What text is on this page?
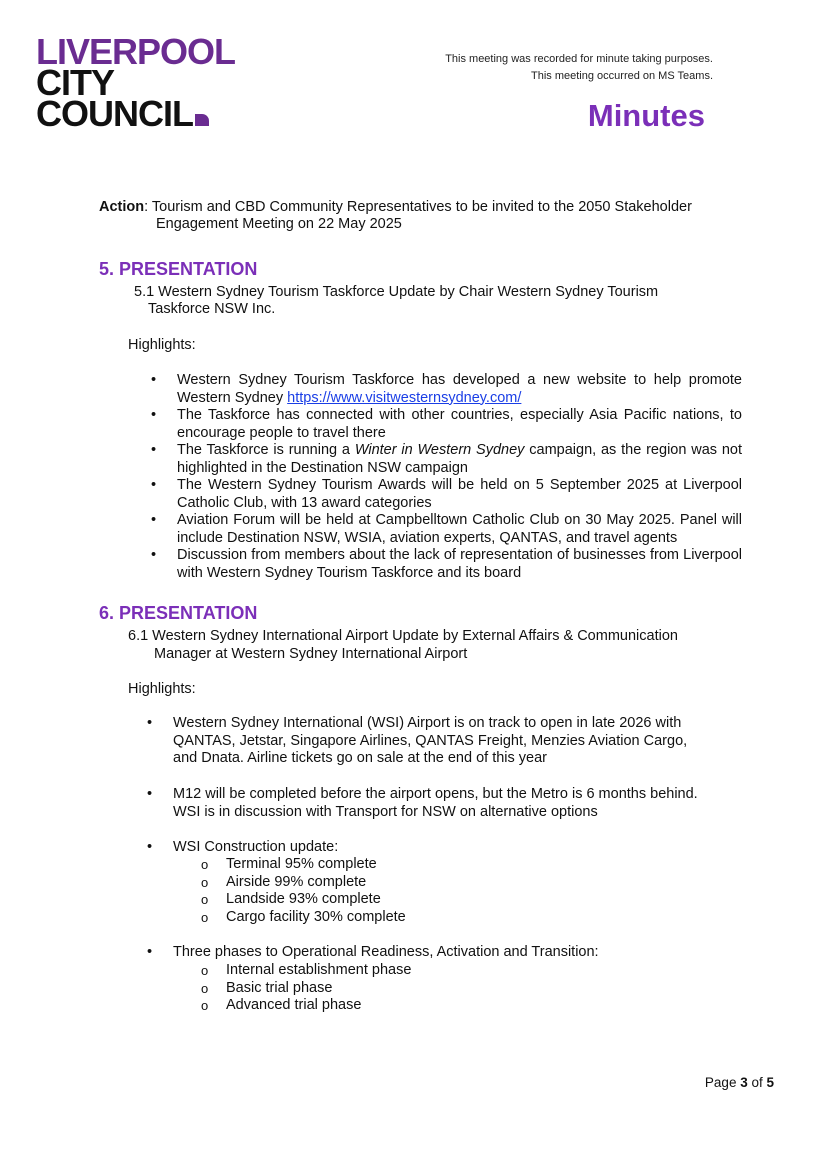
LIVERPOOL
CITY
COUNCIL
This meeting was recorded for minute taking purposes.
This meeting occurred on MS Teams.
Minutes
Action: Tourism and CBD Community Representatives to be invited to the 2050 Stakeholder
Engagement Meeting on 22 May 2025
5. PRESENTATION
5.1 Western Sydney Tourism Taskforce Update by Chair Western Sydney Tourism
Taskforce NSW Inc.
Highlights:
• Western Sydney Tourism Taskforce has developed a new website to help promote Western Sydney https://www.visitwesternsydney.com/
• The Taskforce has connected with other countries, especially Asia Pacific nations, to encourage people to travel there
• The Taskforce is running a Winter in Western Sydney campaign, as the region was not highlighted in the Destination NSW campaign
• The Western Sydney Tourism Awards will be held on 5 September 2025 at Liverpool Catholic Club, with 13 award categories
• Aviation Forum will be held at Campbelltown Catholic Club on 30 May 2025. Panel will include Destination NSW, WSIA, aviation experts, QANTAS, and travel agents
• Discussion from members about the lack of representation of businesses from Liverpool with Western Sydney Tourism Taskforce and its board
6. PRESENTATION
6.1 Western Sydney International Airport Update by External Affairs & Communication
Manager at Western Sydney International Airport
Highlights:
• Western Sydney International (WSI) Airport is on track to open in late 2026 with
QANTAS, Jetstar, Singapore Airlines, QANTAS Freight, Menzies Aviation Cargo,
and Dnata. Airline tickets go on sale at the end of this year
• M12 will be completed before the airport opens, but the Metro is 6 months behind.
WSI is in discussion with Transport for NSW on alternative options
• WSI Construction update:
o Terminal 95% complete
o Airside 99% complete
o Landside 93% complete
o Cargo facility 30% complete
• Three phases to Operational Readiness, Activation and Transition:
o Internal establishment phase
o Basic trial phase
o Advanced trial phase
Page 3 of 5
